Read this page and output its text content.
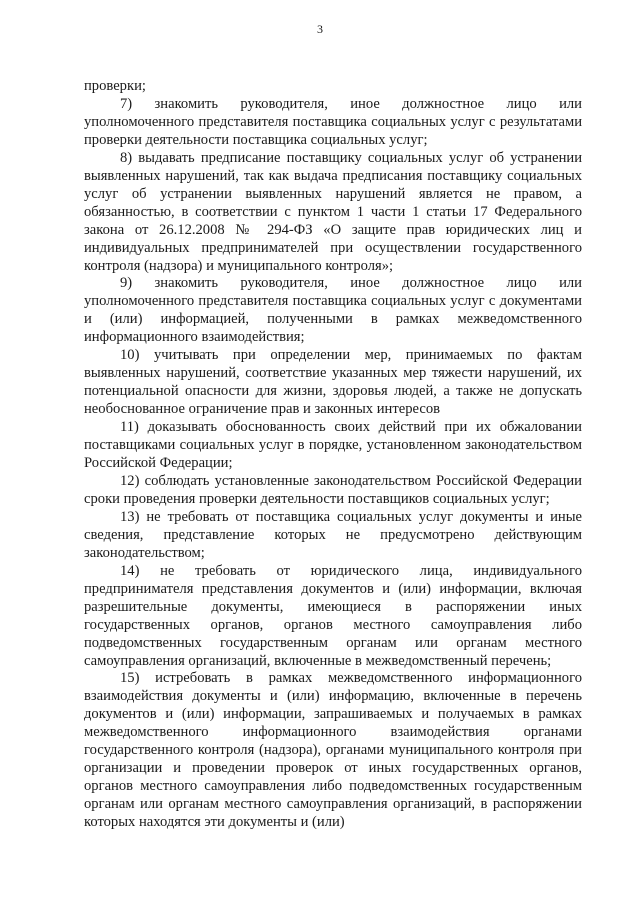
3

проверки;

7) знакомить руководителя, иное должностное лицо или уполномоченного представителя поставщика социальных услуг с результатами проверки деятельности поставщика социальных услуг;

8) выдавать предписание поставщику социальных услуг об устранении выявленных нарушений, так как выдача предписания поставщику социальных услуг об устранении выявленных нарушений является не правом, а обязанностью, в соответствии с пунктом 1 части 1 статьи 17 Федерального закона от 26.12.2008 № 294-ФЗ «О защите прав юридических лиц и индивидуальных предпринимателей при осуществлении государственного контроля (надзора) и муниципального контроля»;

9) знакомить руководителя, иное должностное лицо или уполномоченного представителя поставщика социальных услуг с документами и (или) информацией, полученными в рамках межведомственного информационного взаимодействия;

10) учитывать при определении мер, принимаемых по фактам выявленных нарушений, соответствие указанных мер тяжести нарушений, их потенциальной опасности для жизни, здоровья людей, а также не допускать необоснованное ограничение прав и законных интересов

11) доказывать обоснованность своих действий при их обжаловании поставщиками социальных услуг в порядке, установленном законодательством Российской Федерации;

12) соблюдать установленные законодательством Российской Федерации сроки проведения проверки деятельности поставщиков социальных услуг;

13) не требовать от поставщика социальных услуг документы и иные сведения, представление которых не предусмотрено действующим законодательством;

14) не требовать от юридического лица, индивидуального предпринимателя представления документов и (или) информации, включая разрешительные документы, имеющиеся в распоряжении иных государственных органов, органов местного самоуправления либо подведомственных государственным органам или органам местного самоуправления организаций, включенные в межведомственный перечень;

15) истребовать в рамках межведомственного информационного взаимодействия документы и (или) информацию, включенные в перечень документов и (или) информации, запрашиваемых и получаемых в рамках межведомственного информационного взаимодействия органами государственного контроля (надзора), органами муниципального контроля при организации и проведении проверок от иных государственных органов, органов местного самоуправления либо подведомственных государственным органам или органам местного самоуправления организаций, в распоряжении которых находятся эти документы и (или)
